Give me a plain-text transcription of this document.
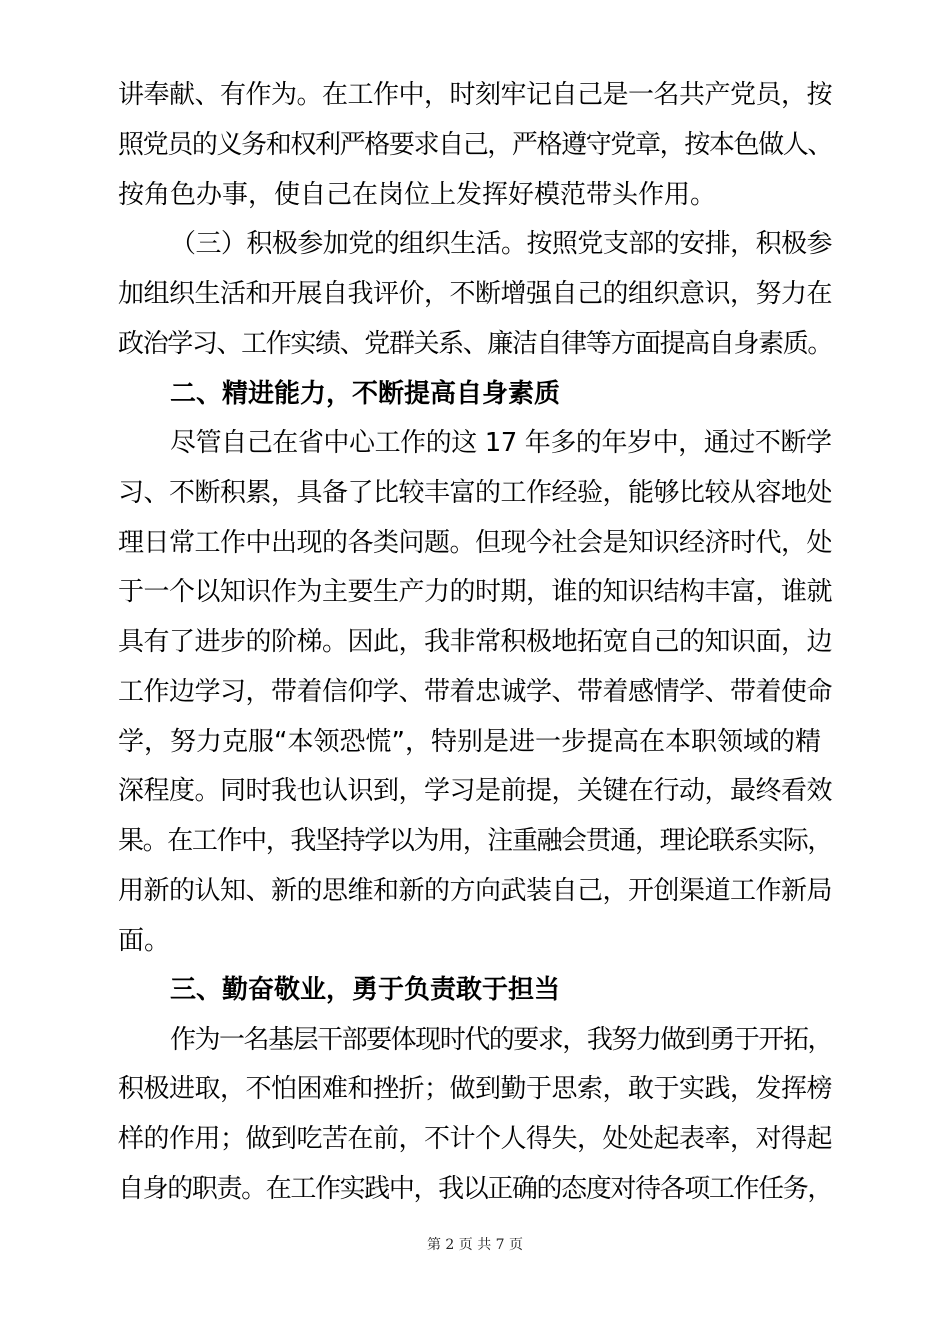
讲奉献、有作为。在工作中，时刻牢记自己是一名共产党员，按
照党员的义务和权利严格要求自己，严格遵守党章，按本色做人、
按角色办事，使自己在岗位上发挥好模范带头作用。
（三）积极参加党的组织生活。按照党支部的安排，积极参
加组织生活和开展自我评价，不断增强自己的组织意识，努力在
政治学习、工作实绩、党群关系、廉洁自律等方面提高自身素质。
二、精进能力，不断提高自身素质
尽管自己在省中心工作的这 17 年多的年岁中，通过不断学
习、不断积累，具备了比较丰富的工作经验，能够比较从容地处
理日常工作中出现的各类问题。但现今社会是知识经济时代，处
于一个以知识作为主要生产力的时期，谁的知识结构丰富，谁就
具有了进步的阶梯。因此，我非常积极地拓宽自己的知识面，边
工作边学习，带着信仰学、带着忠诚学、带着感情学、带着使命
学，努力克服“本领恐慌”，特别是进一步提高在本职领域的精
深程度。同时我也认识到，学习是前提，关键在行动，最终看效
果。在工作中，我坚持学以为用，注重融会贯通，理论联系实际，
用新的认知、新的思维和新的方向武装自己，开创渠道工作新局
面。
三、勤奋敬业，勇于负责敢于担当
作为一名基层干部要体现时代的要求，我努力做到勇于开拓，
积极进取，不怕困难和挫折；做到勤于思索，敢于实践，发挥榜
样的作用；做到吃苦在前，不计个人得失，处处起表率，对得起
自身的职责。在工作实践中，我以正确的态度对待各项工作任务，
第 2 页 共 7 页
